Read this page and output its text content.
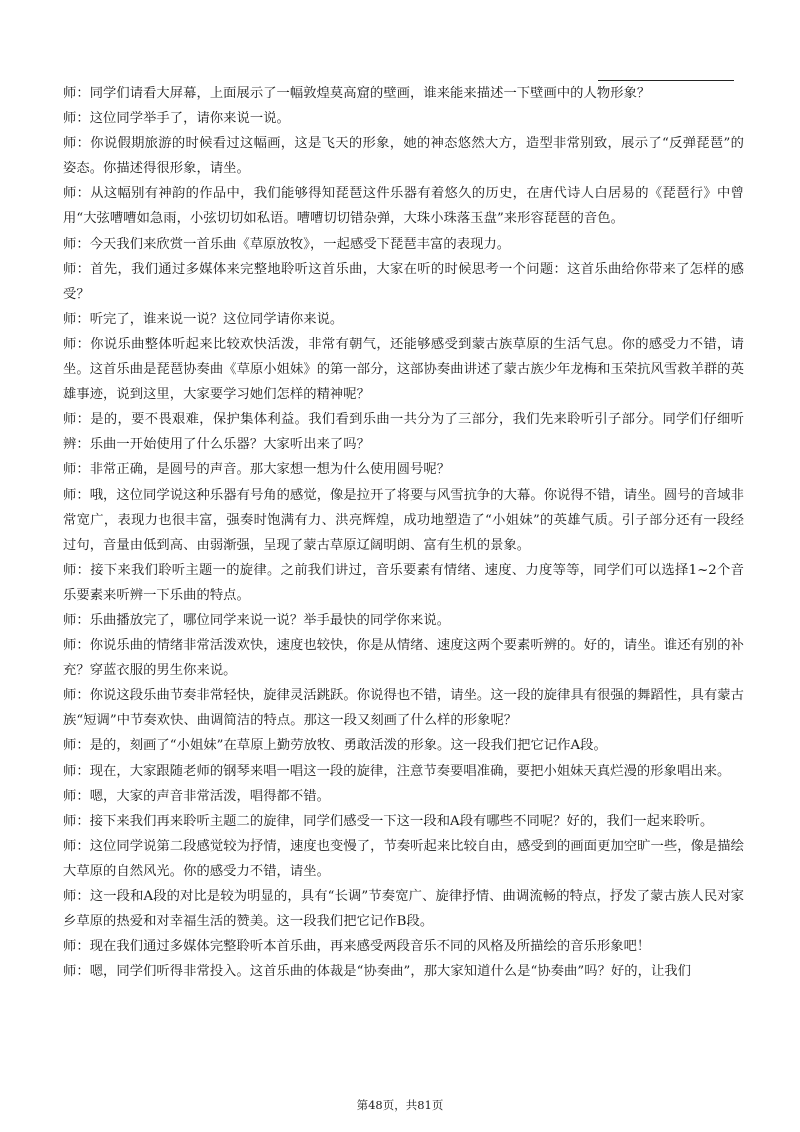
师：同学们请看大屏幕，上面展示了一幅敦煌莫高窟的壁画，谁来能来描述一下壁画中的人物形象？

师：这位同学举手了，请你来说一说。

师：你说假期旅游的时候看过这幅画，这是飞天的形象，她的神态悠然大方，造型非常别致，展示了“反弹琵琶”的姿态。你描述得很形象，请坐。

师：从这幅别有神韵的作品中，我们能够得知琵琶这件乐器有着悠久的历史，在唐代诗人白居易的《琵琶行》中曾用“大弦嘈嘈如急雨，小弦切切如私语。嘈嘈切切错杂弹，大珠小珠落玉盘”来形容琵琶的音色。

师：今天我们来欣赏一首乐曲《草原放牧》，一起感受下琵琶丰富的表现力。

师：首先，我们通过多媒体来完整地聆听这首乐曲，大家在听的时候思考一个问题：这首乐曲给你带来了怎样的感受？

师：听完了，谁来说一说？这位同学请你来说。

师：你说乐曲整体听起来比较欢快活泼，非常有朝气，还能够感受到蒙古族草原的生活气息。你的感受力不错，请坐。这首乐曲是琵琶协奏曲《草原小姐妹》的第一部分，这部协奏曲讲述了蒙古族少年龙梅和玉荣抗风雪救羊群的英雄事迹，说到这里，大家要学习她们怎样的精神呢？

师：是的，要不畏艰难，保护集体利益。我们看到乐曲一共分为了三部分，我们先来聆听引子部分。同学们仔细听辨：乐曲一开始使用了什么乐器？大家听出来了吗？

师：非常正确，是圆号的声音。那大家想一想为什么使用圆号呢？

师：哦，这位同学说这种乐器有号角的感觉，像是拉开了将要与风雪抗争的大幕。你说得不错，请坐。圆号的音域非常宽广，表现力也很丰富，强奏时饱满有力、洪亮辉煌，成功地塑造了“小姐妹”的英雄气质。引子部分还有一段经过句，音量由低到高、由弱渐强，呈现了蒙古草原辽阔明朗、富有生机的景象。

师：接下来我们聆听主题一的旋律。之前我们讲过，音乐要素有情绪、速度、力度等等，同学们可以选择1~2个音乐要素来听辨一下乐曲的特点。

师：乐曲播放完了，哪位同学来说一说？举手最快的同学你来说。

师：你说乐曲的情绪非常活泼欢快，速度也较快，你是从情绪、速度这两个要素听辨的。好的，请坐。谁还有别的补充？穿蓝衣服的男生你来说。

师：你说这段乐曲节奏非常轻快，旋律灵活跳跃。你说得也不错，请坐。这一段的旋律具有很强的舞蹈性，具有蒙古族“短调”中节奏欢快、曲调简洁的特点。那这一段又刻画了什么样的形象呢？

师：是的，刻画了“小姐妹”在草原上勤劳放牧、勇敢活泼的形象。这一段我们把它记作A段。

师：现在，大家跟随老师的钢琴来唱一唱这一段的旋律，注意节奏要唱准确，要把小姐妹天真烂漫的形象唱出来。

师：嗯，大家的声音非常活泼，唱得都不错。

师：接下来我们再来聆听主题二的旋律，同学们感受一下这一段和A段有哪些不同呢？好的，我们一起来聆听。

师：这位同学说第二段感觉较为抒情，速度也变慢了，节奏听起来比较自由，感受到的画面更加空旷一些，像是描绘大草原的自然风光。你的感受力不错，请坐。

师：这一段和A段的对比是较为明显的，具有“长调”节奏宽广、旋律抒情、曲调流畅的特点，抒发了蒙古族人民对家乡草原的热爱和对幸福生活的赞美。这一段我们把它记作B段。

师：现在我们通过多媒体完整聆听本首乐曲，再来感受两段音乐不同的风格及所描绘的音乐形象吧！

师：嗯，同学们听得非常投入。这首乐曲的体裁是“协奏曲”，那大家知道什么是“协奏曲”吗？好的，让我们

第48页，共81页
